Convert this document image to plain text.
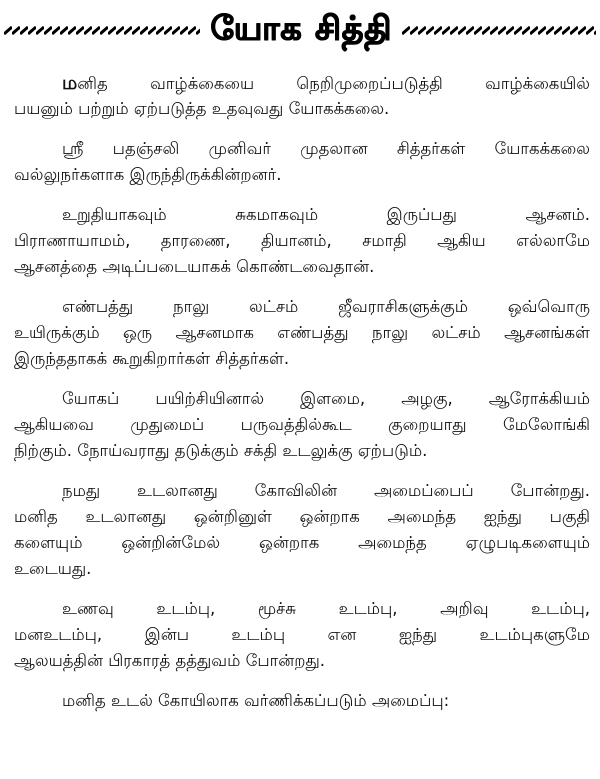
யோக சித்தி
மனித வாழ்க்கையை நெறிமுறைப்படுத்தி வாழ்க்கையில்
பயனும் பற்றும் ஏற்படுத்த உதவுவது யோகக்கலை.
ஸ்ரீ பதஞ்சலி முனிவர் முதலான சித்தர்கள் யோகக்கலை
வல்லுநர்களாக இருந்திருக்கின்றனர்.
உறுதியாகவும் சுகமாகவும் இருப்பது ஆசனம்.
பிராணாயாமம், தாரணை, தியானம், சமாதி ஆகிய எல்லாமே
ஆசனத்தை அடிப்படையாகக் கொண்டவைதான்.
எண்பத்து நாலு லட்சம் ஜீவராசிகளுக்கும் ஒவ்வொரு
உயிருக்கும் ஒரு ஆசனமாக எண்பத்து நாலு லட்சம் ஆசனங்கள்
இருந்ததாகக் கூறுகிறார்கள் சித்தர்கள்.
யோகப் பயிற்சியினால் இளமை, அழகு, ஆரோக்கியம்
ஆகியவை முதுமைப் பருவத்தில்கூட குறையாது மேலோங்கி
நிற்கும். நோய்வராது தடுக்கும் சக்தி உடலுக்கு ஏற்படும்.
நமது உடலானது கோவிலின் அமைப்பைப் போன்றது.
மனித உடலானது ஒன்றினுள் ஒன்றாக அமைந்த ஐந்து பகுதி
களையும் ஒன்றின்மேல் ஒன்றாக அமைந்த ஏழுபடிகளையும்
உடையது.
உணவு உடம்பு, மூச்சு உடம்பு, அறிவு உடம்பு,
மனஉடம்பு, இன்ப உடம்பு என ஐந்து உடம்புகளுமே
ஆலயத்தின் பிரகாரத் தத்துவம் போன்றது.
மனித உடல் கோயிலாக வர்ணிக்கப்படும் அமைப்பு:
